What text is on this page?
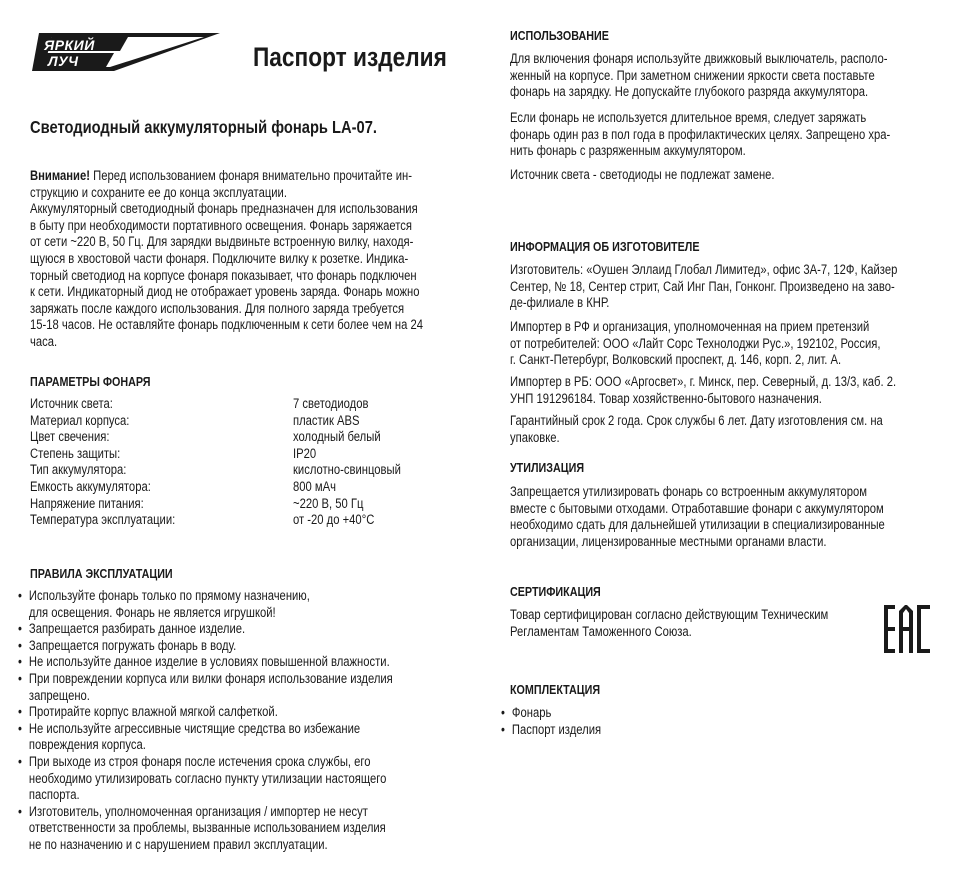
ЯРКИЙ
ЛУЧ	Паспорт изделия
Светодиодный аккумуляторный фонарь LA-07.
Внимание! Перед использованием фонаря внимательно прочитайте ин-
струкцию и сохраните ее до конца эксплуатации.
Аккумуляторный светодиодный фонарь предназначен для использования
в быту при необходимости портативного освещения. Фонарь заряжается
от сети ~220 В, 50 Гц. Для зарядки выдвиньте встроенную вилку, находя-
щуюся в хвостовой части фонаря. Подключите вилку к розетке. Индика-
торный светодиод на корпусе фонаря показывает, что фонарь подключен
к сети. Индикаторный диод не отображает уровень заряда. Фонарь можно
заряжать после каждого использования. Для полного заряда требуется
15-18 часов. Не оставляйте фонарь подключенным к сети более чем на 24
часа.
ПАРАМЕТРЫ ФОНАРЯ
Источник света:	7 светодиодов
Материал корпуса:	пластик ABS
Цвет свечения:	холодный белый
Степень защиты:	IP20
Тип аккумулятора:	кислотно-свинцовый
Емкость аккумулятора:	800 мАч
Напряжение питания:	~220 В, 50 Гц
Температура эксплуатации:	от -20 до +40°С
ПРАВИЛА ЭКСПЛУАТАЦИИ
• Используйте фонарь только по прямому назначению,
для освещения. Фонарь не является игрушкой!
• Запрещается разбирать данное изделие.
• Запрещается погружать фонарь в воду.
• Не используйте данное изделие в условиях повышенной влажности.
• При повреждении корпуса или вилки фонаря использование изделия
запрещено.
• Протирайте корпус влажной мягкой салфеткой.
• Не используйте агрессивные чистящие средства во избежание
повреждения корпуса.
• При выходе из строя фонаря после истечения срока службы, его
необходимо утилизировать согласно пункту утилизации настоящего
паспорта.
• Изготовитель, уполномоченная организация / импортер не несут
ответственности за проблемы, вызванные использованием изделия
не по назначению и с нарушением правил эксплуатации.
ИСПОЛЬЗОВАНИЕ
Для включения фонаря используйте движковый выключатель, располо-
женный на корпусе. При заметном снижении яркости света поставьте
фонарь на зарядку. Не допускайте глубокого разряда аккумулятора.
Если фонарь не используется длительное время, следует заряжать
фонарь один раз в пол года в профилактических целях. Запрещено хра-
нить фонарь с разряженным аккумулятором.
Источник света - светодиоды не подлежат замене.
ИНФОРМАЦИЯ ОБ ИЗГОТОВИТЕЛЕ
Изготовитель: «Оушен Эллаид Глобал Лимитед», офис 3А-7, 12Ф, Кайзер
Сентер, № 18, Сентер стрит, Сай Инг Пан, Гонконг. Произведено на заво-
де-филиале в КНР.
Импортер в РФ и организация, уполномоченная на прием претензий
от потребителей: ООО «Лайт Сорс Технолоджи Рус.», 192102, Россия,
г. Санкт-Петербург, Волковский проспект, д. 146, корп. 2, лит. А.
Импортер в РБ: ООО «Аргосвет», г. Минск, пер. Северный, д. 13/3, каб. 2.
УНП 191296184. Товар хозяйственно-бытового назначения.
Гарантийный срок 2 года. Срок службы 6 лет. Дату изготовления см. на
упаковке.
УТИЛИЗАЦИЯ
Запрещается утилизировать фонарь со встроенным аккумулятором
вместе с бытовыми отходами. Отработавшие фонари с аккумулятором
необходимо сдать для дальнейшей утилизации в специализированные
организации, лицензированные местными органами власти.
СЕРТИФИКАЦИЯ
Товар сертифицирован согласно действующим Техническим
Регламентам Таможенного Союза.
КОМПЛЕКТАЦИЯ
• Фонарь
• Паспорт изделия
